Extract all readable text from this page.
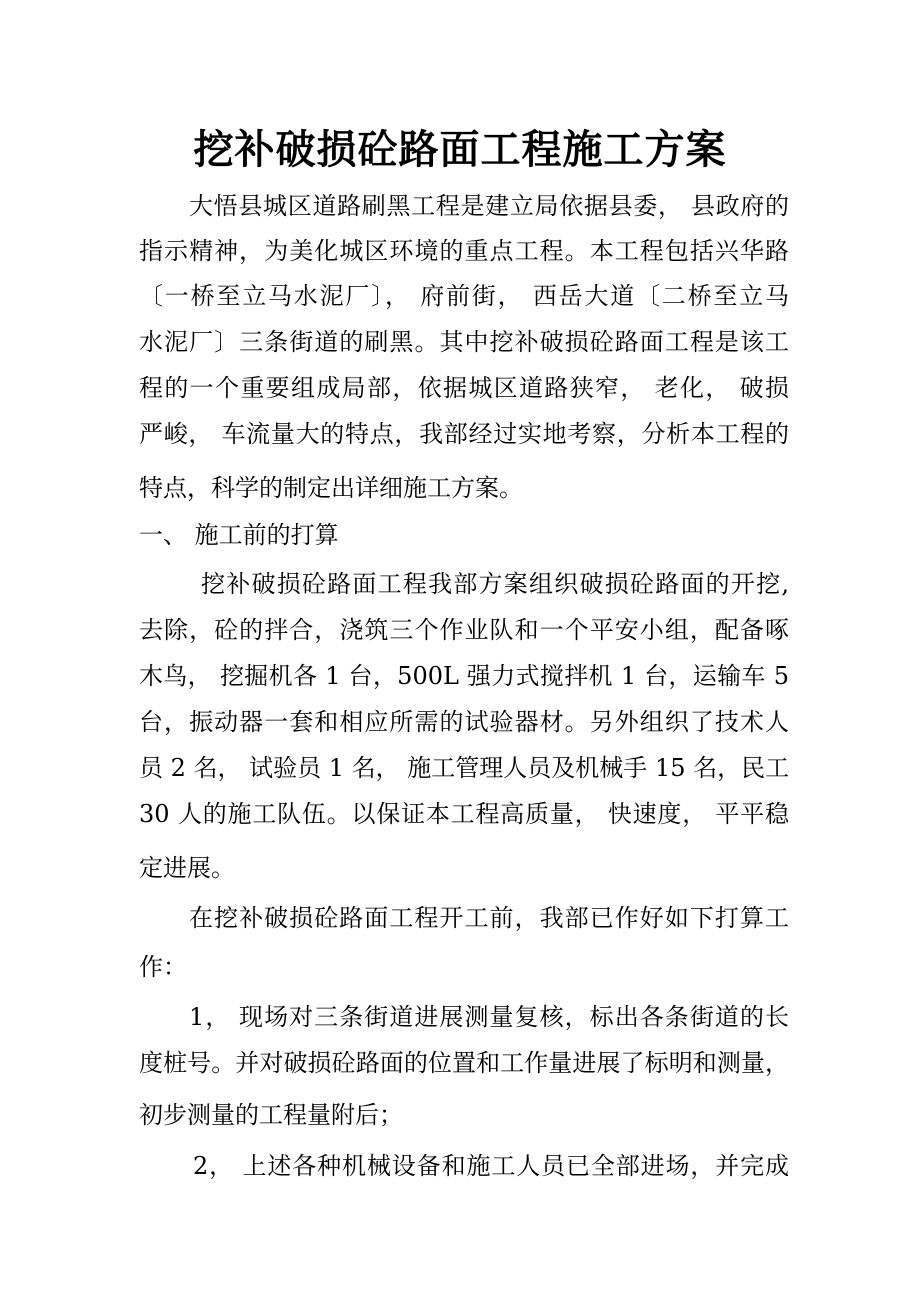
挖补破损砼路面工程施工方案
大悟县城区道路刷黑工程是建立局依据县委， 县政府的
指示精神，为美化城区环境的重点工程。本工程包括兴华路
〔一桥至立马水泥厂〕， 府前街， 西岳大道〔二桥至立马
水泥厂〕三条街道的刷黑。其中挖补破损砼路面工程是该工
程的一个重要组成局部，依据城区道路狭窄， 老化， 破损
严峻， 车流量大的特点，我部经过实地考察，分析本工程的
特点，科学的制定出详细施工方案。
一、 施工前的打算
挖补破损砼路面工程我部方案组织破损砼路面的开挖,
去除，砼的拌合，浇筑三个作业队和一个平安小组，配备啄
木鸟， 挖掘机各 1 台，500L 强力式搅拌机 1 台，运输车 5
台，振动器一套和相应所需的试验器材。另外组织了技术人
员 2 名， 试验员 1 名， 施工管理人员及机械手 15 名，民工
30 人的施工队伍。以保证本工程高质量， 快速度， 平平稳
定进展。
在挖补破损砼路面工程开工前，我部已作好如下打算工
作：
1， 现场对三条街道进展测量复核，标出各条街道的长
度桩号。并对破损砼路面的位置和工作量进展了标明和测量，
初步测量的工程量附后；
2， 上述各种机械设备和施工人员已全部进场，并完成
